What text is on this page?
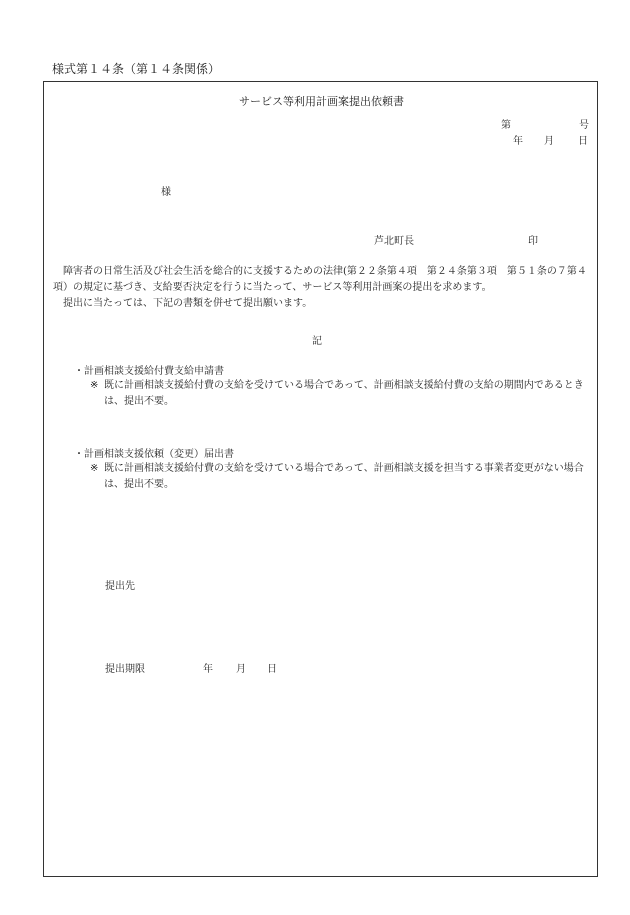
様式第１４条（第１４条関係）
サービス等利用計画案提出依頼書
第	号
年 月 日
様
芦北町長	印
障害者の日常生活及び社会生活を総合的に支援するための法律(第２２条第４項　第２４条第３項　第５１条の７第４項）の規定に基づき、支給要否決定を行うに当たって、サービス等利用計画案の提出を求めます。
提出に当たっては、下記の書類を併せて提出願います。
記
・計画相談支援給付費支給申請書
※ 既に計画相談支援給付費の支給を受けている場合であって、計画相談支援給付費の支給の期間内であるときは、提出不要。
・計画相談支援依頼（変更）届出書
※ 既に計画相談支援給付費の支給を受けている場合であって、計画相談支援を担当する事業者変更がない場合は、提出不要。
提出先
提出期限	年 月 日
